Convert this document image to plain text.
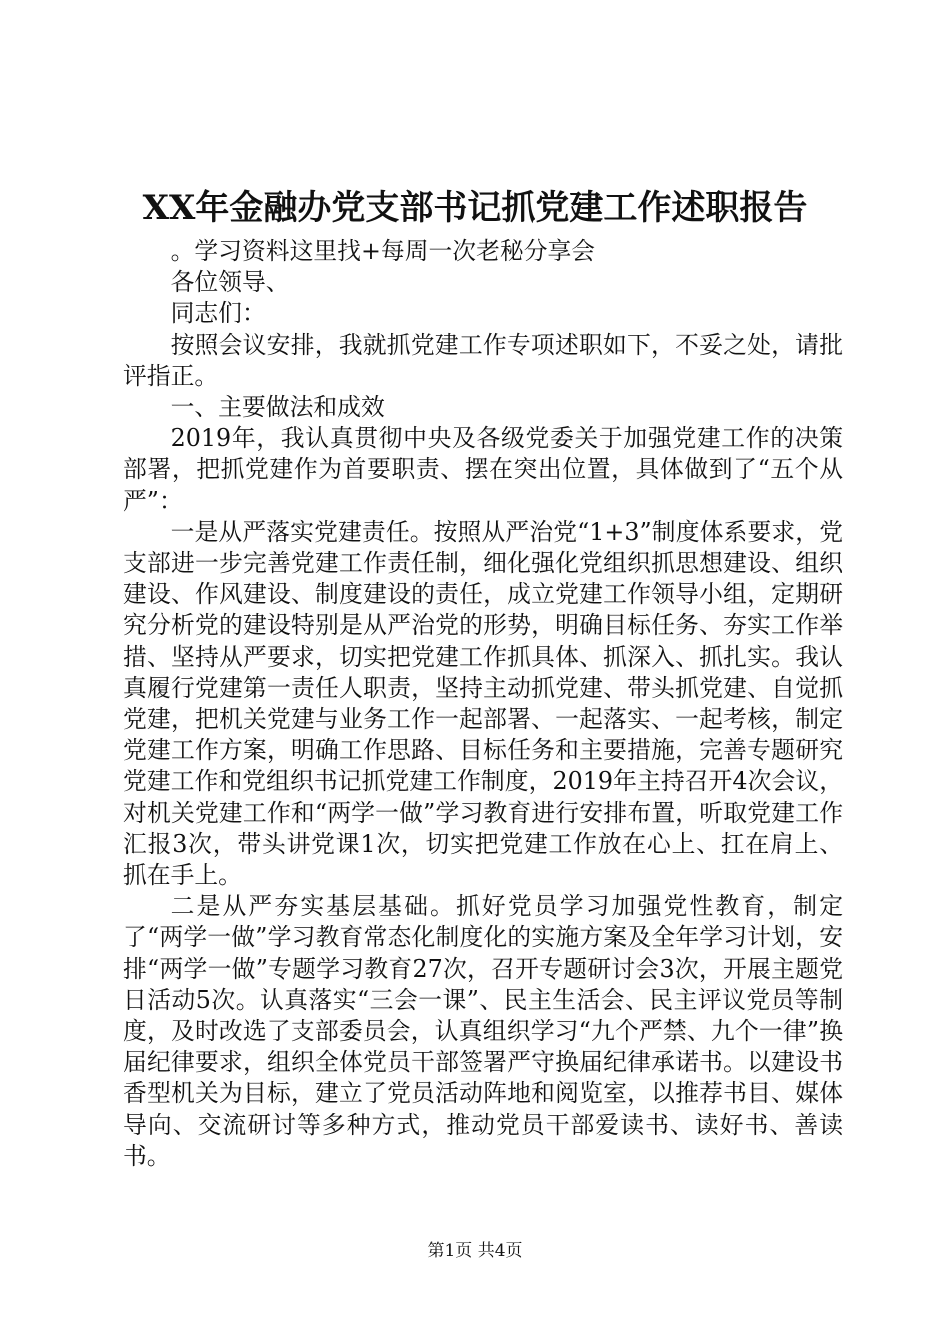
XX年金融办党支部书记抓党建工作述职报告

。学习资料这里找+每周一次老秘分享会

各位领导、

同志们：

按照会议安排，我就抓党建工作专项述职如下，不妥之处，请批评指正。

一、主要做法和成效

2019年，我认真贯彻中央及各级党委关于加强党建工作的决策部署，把抓党建作为首要职责、摆在突出位置，具体做到了“五个从严”：

一是从严落实党建责任。按照从严治党“1+3”制度体系要求，党支部进一步完善党建工作责任制，细化强化党组织抓思想建设、组织建设、作风建设、制度建设的责任，成立党建工作领导小组，定期研究分析党的建设特别是从严治党的形势，明确目标任务、夯实工作举措、坚持从严要求，切实把党建工作抓具体、抓深入、抓扎实。我认真履行党建第一责任人职责，坚持主动抓党建、带头抓党建、自觉抓党建，把机关党建与业务工作一起部署、一起落实、一起考核，制定党建工作方案，明确工作思路、目标任务和主要措施，完善专题研究党建工作和党组织书记抓党建工作制度，2019年主持召开4次会议，对机关党建工作和“两学一做”学习教育进行安排布置，听取党建工作汇报3次，带头讲党课1次，切实把党建工作放在心上、扛在肩上、抓在手上。

二是从严夯实基层基础。抓好党员学习加强党性教育，制定了“两学一做”学习教育常态化制度化的实施方案及全年学习计划，安排“两学一做”专题学习教育27次，召开专题研讨会3次，开展主题党日活动5次。认真落实“三会一课”、民主生活会、民主评议党员等制度，及时改选了支部委员会，认真组织学习“九个严禁、九个一律”换届纪律要求，组织全体党员干部签署严守换届纪律承诺书。以建设书香型机关为目标，建立了党员活动阵地和阅览室，以推荐书目、媒体导向、交流研讨等多种方式，推动党员干部爱读书、读好书、善读书。

第1页 共4页
